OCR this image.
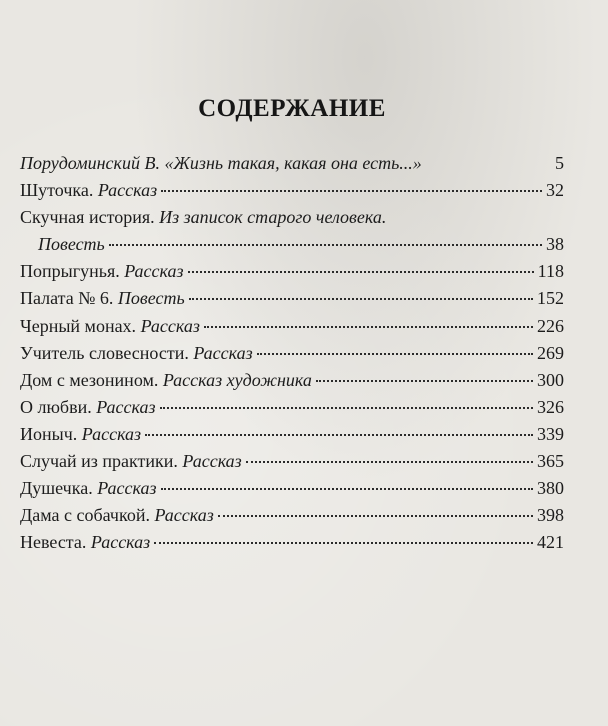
СОДЕРЖАНИЕ
Порудоминский В. «Жизнь такая, какая она есть...»	5
Шуточка. Рассказ	32
Скучная история. Из записок старого человека.
Повесть	38
Попрыгунья. Рассказ	118
Палата № 6. Повесть	152
Черный монах. Рассказ	226
Учитель словесности. Рассказ	269
Дом с мезонином. Рассказ художника	300
О любви. Рассказ	326
Ионыч. Рассказ	339
Случай из практики. Рассказ	365
Душечка. Рассказ	380
Дама с собачкой. Рассказ	398
Невеста. Рассказ	421
